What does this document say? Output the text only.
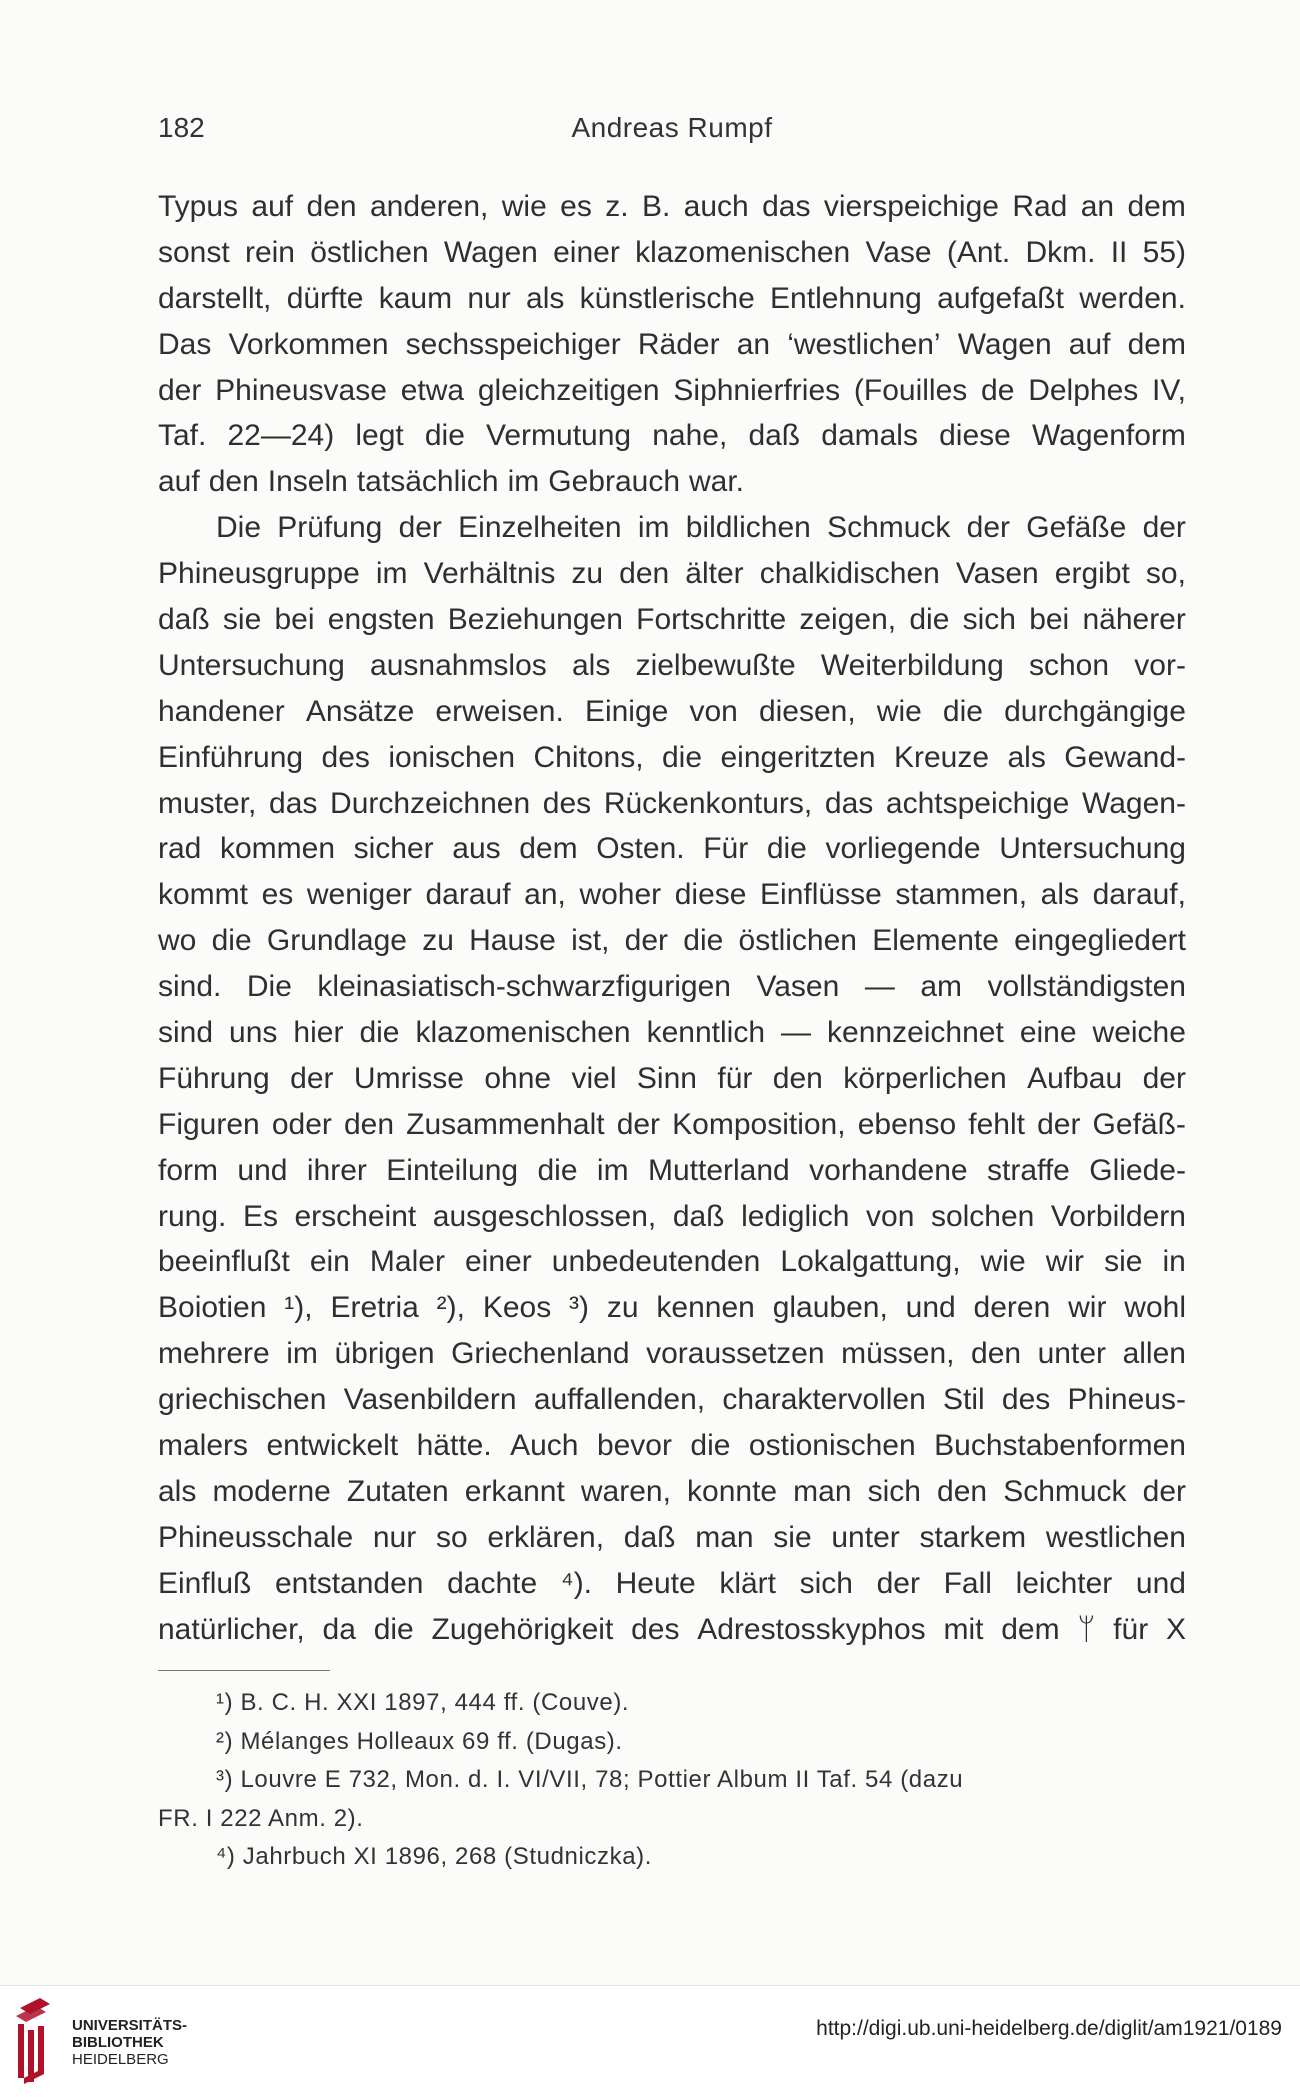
182	Andreas Rumpf
Typus auf den anderen, wie es z. B. auch das vierspeichige Rad an dem
sonst rein östlichen Wagen einer klazomenischen Vase (Ant. Dkm. II 55)
darstellt, dürfte kaum nur als künstlerische Entlehnung aufgefaßt werden.
Das Vorkommen sechsspeichiger Räder an ‘westlichen’ Wagen auf dem
der Phineusvase etwa gleichzeitigen Siphnierfries (Fouilles de Delphes IV,
Taf. 22—24) legt die Vermutung nahe, daß damals diese Wagenform
auf den Inseln tatsächlich im Gebrauch war.
Die Prüfung der Einzelheiten im bildlichen Schmuck der Gefäße der
Phineusgruppe im Verhältnis zu den älter chalkidischen Vasen ergibt so,
daß sie bei engsten Beziehungen Fortschritte zeigen, die sich bei näherer
Untersuchung ausnahmslos als zielbewußte Weiterbildung schon vor-
handener Ansätze erweisen. Einige von diesen, wie die durchgängige
Einführung des ionischen Chitons, die eingeritzten Kreuze als Gewand-
muster, das Durchzeichnen des Rückenkonturs, das achtspeichige Wagen-
rad kommen sicher aus dem Osten. Für die vorliegende Untersuchung
kommt es weniger darauf an, woher diese Einflüsse stammen, als darauf,
wo die Grundlage zu Hause ist, der die östlichen Elemente eingegliedert
sind. Die kleinasiatisch-schwarzfigurigen Vasen — am vollständigsten
sind uns hier die klazomenischen kenntlich — kennzeichnet eine weiche
Führung der Umrisse ohne viel Sinn für den körperlichen Aufbau der
Figuren oder den Zusammenhalt der Komposition, ebenso fehlt der Gefäß-
form und ihrer Einteilung die im Mutterland vorhandene straffe Gliede-
rung. Es erscheint ausgeschlossen, daß lediglich von solchen Vorbildern
beeinflußt ein Maler einer unbedeutenden Lokalgattung, wie wir sie in
Boiotien ¹), Eretria ²), Keos ³) zu kennen glauben, und deren wir wohl
mehrere im übrigen Griechenland voraussetzen müssen, den unter allen
griechischen Vasenbildern auffallenden, charaktervollen Stil des Phineus-
malers entwickelt hätte. Auch bevor die ostionischen Buchstabenformen
als moderne Zutaten erkannt waren, konnte man sich den Schmuck der
Phineusschale nur so erklären, daß man sie unter starkem westlichen
Einfluß entstanden dachte ⁴). Heute klärt sich der Fall leichter und
natürlicher, da die Zugehörigkeit des Adrestosskyphos mit dem ᛘ für X
¹) B. C. H. XXI 1897, 444 ff. (Couve).
²) Mélanges Holleaux 69 ff. (Dugas).
³) Louvre E 732, Mon. d. I. VI/VII, 78; Pottier Album II Taf. 54 (dazu
FR. I 222 Anm. 2).
⁴) Jahrbuch XI 1896, 268 (Studniczka).
UNIVERSITÄTS-
BIBLIOTHEK
HEIDELBERG
http://digi.ub.uni-heidelberg.de/diglit/am1921/0189
